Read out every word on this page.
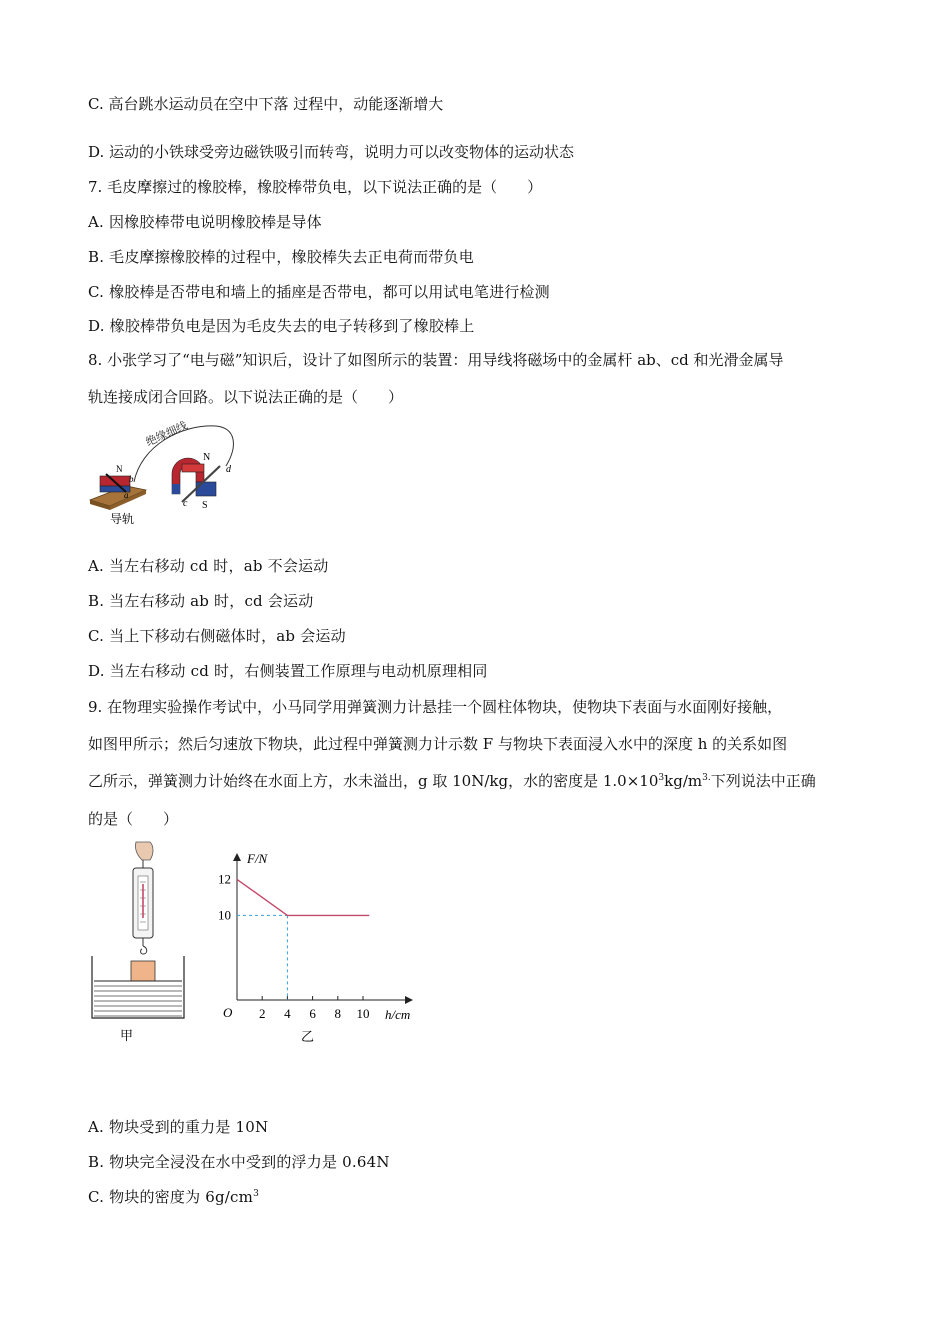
C. 高台跳水运动员在空中下落 过程中，动能逐渐增大
D. 运动的小铁球受旁边磁铁吸引而转弯，说明力可以改变物体的运动状态
7. 毛皮摩擦过的橡胶棒，橡胶棒带负电，以下说法正确的是（　　）
A. 因橡胶棒带电说明橡胶棒是导体
B. 毛皮摩擦橡胶棒的过程中，橡胶棒失去正电荷而带负电
C. 橡胶棒是否带电和墙上的插座是否带电，都可以用试电笔进行检测
D. 橡胶棒带负电是因为毛皮失去的电子转移到了橡胶棒上
8. 小张学习了“电与磁”知识后，设计了如图所示的装置：用导线将磁场中的金属杆 ab、cd 和光滑金属导
轨连接成闭合回路。以下说法正确的是（　　）
绝缘细线
N
b
a
导轨
N
d
c S
A. 当左右移动 cd 时，ab 不会运动
B. 当左右移动 ab 时，cd 会运动
C. 当上下移动右侧磁体时，ab 会运动
D. 当左右移动 cd 时，右侧装置工作原理与电动机原理相同
9. 在物理实验操作考试中，小马同学用弹簧测力计悬挂一个圆柱体物块，使物块下表面与水面刚好接触，
如图甲所示；然后匀速放下物块，此过程中弹簧测力计示数 F 与物块下表面浸入水中的深度 h 的关系如图
乙所示，弹簧测力计始终在水面上方，水未溢出，g 取 10N/kg，水的密度是 $1.0\times 10^3kg/m^{3.}$下列说法中正确
的是（　　）
甲
F/N
h/cm
O
乙
2 4 6 8 10
10
12
A. 物块受到的重力是 10N
B. 物块完全浸没在水中受到的浮力是 0.64N
C. 物块的密度为 $6g/cm^3$
